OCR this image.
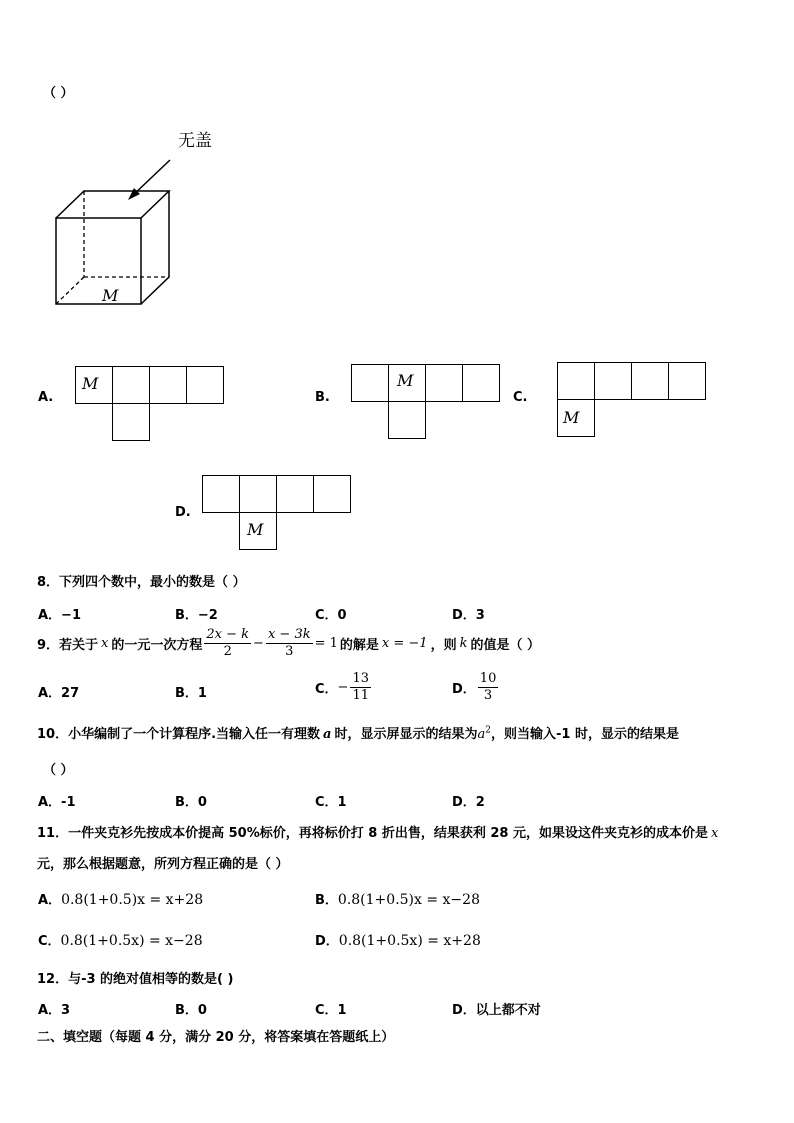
（ ）
无盖
M
A.
M
B.
M
C.
M
D.
M
8．下列四个数中，最小的数是（ ）
A．−1	B．−2	C．0	D．3
9．若关于 x 的一元一次方程 $\frac{2x - k}{2} - \frac{x - 3k}{3} = 1$ 的解是 x = −1 ，则 k 的值是（ ）
A．27	B．1	C． − $\frac{13}{11}$	D． $\frac{10}{3}$
10．小华编制了一个计算程序.当输入任一有理数 a 时，显示屏显示的结果为$a^2$，则当输入-1 时，显示的结果是
（ ）
A．-1	B．0	C．1	D．2
11．一件夹克衫先按成本价提高 50%标价，再将标价打 8 折出售，结果获利 28 元，如果设这件夹克衫的成本价是 x
元，那么根据题意，所列方程正确的是（ ）
A．0.8(1+0.5)x = x+28	B．0.8(1+0.5)x = x−28
C．0.8(1+0.5x) = x−28	D．0.8(1+0.5x) = x+28
12．与-3 的绝对值相等的数是( )
A．3	B．0	C．1	D．以上都不对
二、填空题（每题 4 分，满分 20 分，将答案填在答题纸上）
